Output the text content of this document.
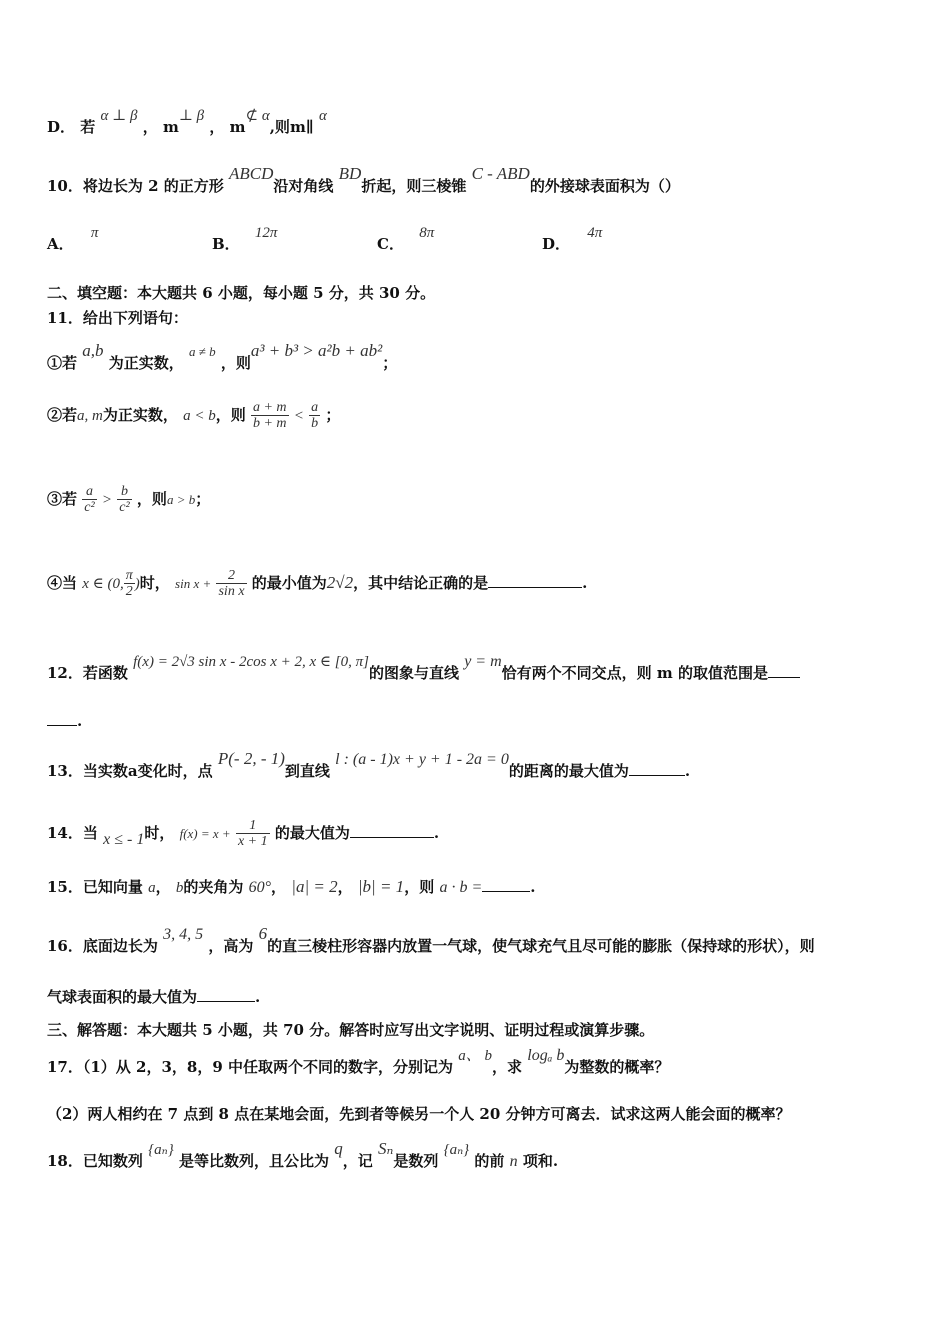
D． 若 α ⊥ β ， m⊥ β ， m⊄ α,则m∥ α
10．将边长为 2 的正方形 ABCD沿对角线 BD折起，则三棱锥 C - ABD的外接球表面积为（）
A． π
B． 12π
C． 8π
D． 4π
二、填空题：本大题共 6 小题，每小题 5 分，共 30 分。
11．给出下列语句：
①若 a,b 为正实数， a ≠ b ，则a³ + b³ > a²b + ab²；
②若a, m为正实数， a < b，则 $\frac{a + m}{b + m} < \frac{a}{b}$ ；
③若 $\frac{a}{\text{c²}} > \frac{b}{\text{c²}}$ ，则a > b；
④当 x ∈ (0, $\frac{\pi}{2}$ )时， $\sin x + \frac{2}{\text{sin x}}$ 的最小值为2√2，其中结论正确的是	.
12．若函数 f(x) = 2√3 sin x - 2cos x + 2, x ∈ [0, π]的图象与直线 y = m恰有两个不同交点，则 m 的取值范围是
.
13．当实数a变化时，点 P(- 2, - 1)到直线 l : (a - 1)x + y + 1 - 2a = 0的距离的最大值为	.
14．当 x ≤ - 1时， $f(x) = x + \frac{1}{x + 1}$ 的最大值为	.
15．已知向量 a， b的夹角为 60°， |a| = 2， |b| = 1，则 a · b =	.
16．底面边长为 3, 4, 5 ，高为 6的直三棱柱形容器内放置一气球，使气球充气且尽可能的膨胀（保持球的形状），则
气球表面积的最大值为	.
三、解答题：本大题共 5 小题，共 70 分。解答时应写出文字说明、证明过程或演算步骤。
17．（1）从 2，3，8，9 中任取两个不同的数字，分别记为 a、 b，求 logₐ b为整数的概率？
（2）两人相约在 7 点到 8 点在某地会面，先到者等候另一个人 20 分钟方可离去．试求这两人能会面的概率？
18．已知数列 {aₙ} 是等比数列，且公比为 q，记 Sₙ是数列 {aₙ} 的前 n 项和.
